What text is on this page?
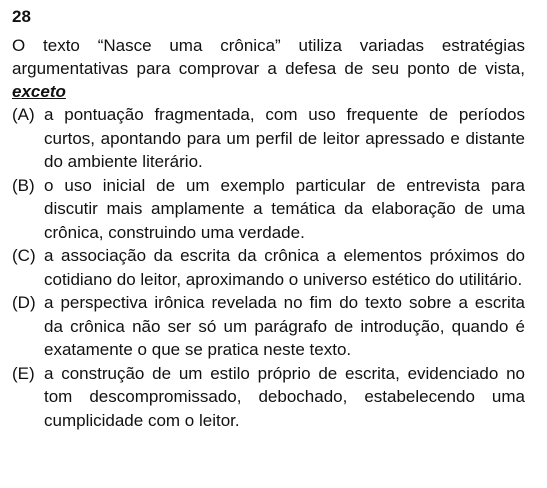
28
O texto “Nasce uma crônica” utiliza variadas estratégias
argumentativas para comprovar a defesa de seu ponto de vista,
exceto
(A) a pontuação fragmentada, com uso frequente de períodos curtos, apontando para um perfil de leitor apressado e distante do ambiente literário.
(B) o uso inicial de um exemplo particular de entrevista para discutir mais amplamente a temática da elaboração de uma crônica, construindo uma verdade.
(C) a associação da escrita da crônica a elementos próximos do cotidiano do leitor, aproximando o universo estético do utilitário.
(D) a perspectiva irônica revelada no fim do texto sobre a escrita da crônica não ser só um parágrafo de introdução, quando é exatamente o que se pratica neste texto.
(E) a construção de um estilo próprio de escrita, evidenciado no tom descompromissado, debochado, estabelecendo uma cumplicidade com o leitor.
